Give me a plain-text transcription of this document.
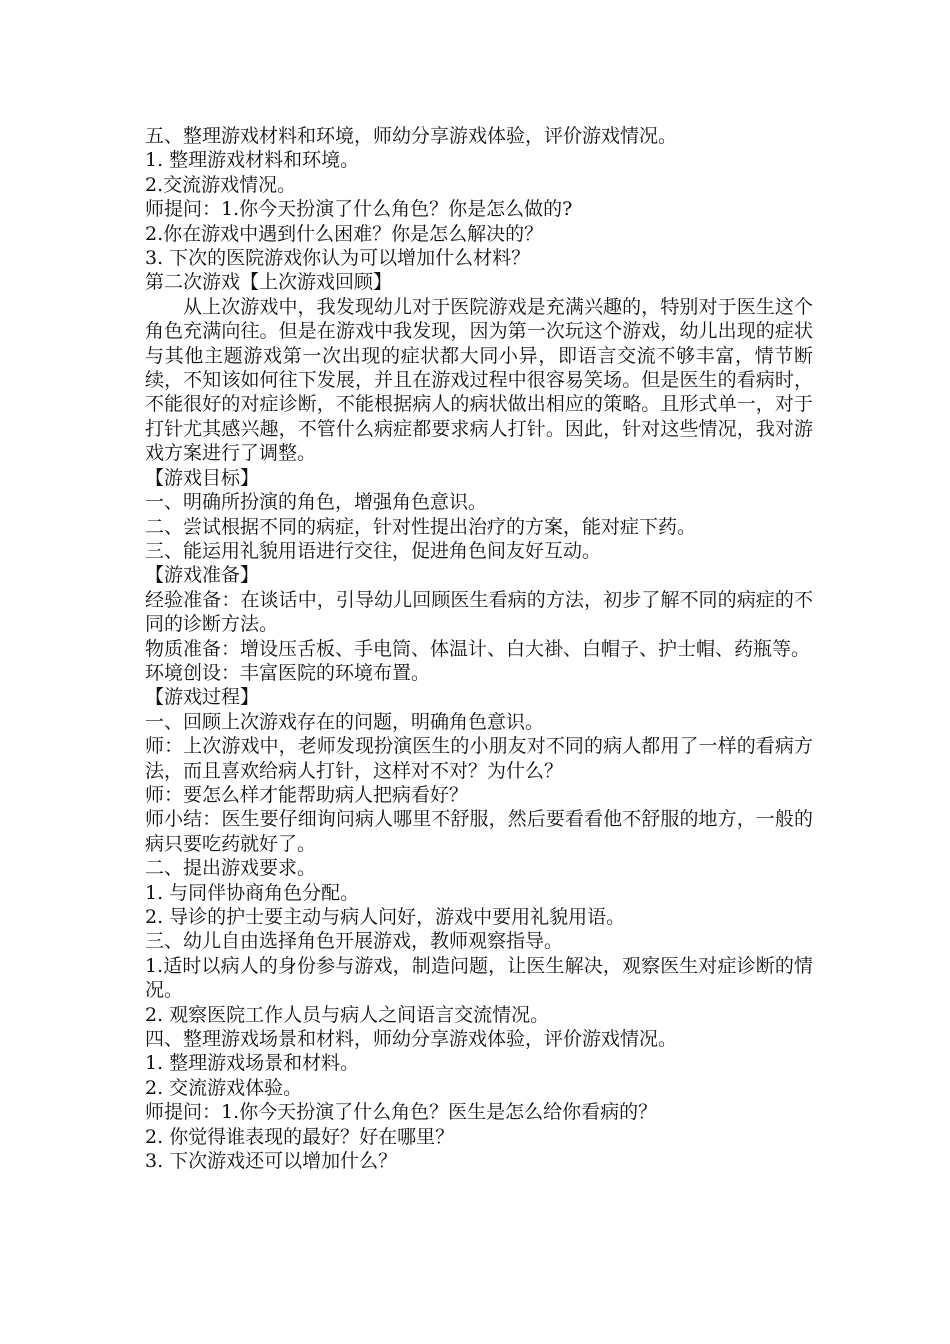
五、整理游戏材料和环境，师幼分享游戏体验，评价游戏情况。

1. 整理游戏材料和环境。

2.交流游戏情况。

师提问：1.你今天扮演了什么角色？你是怎么做的?

2.你在游戏中遇到什么困难？你是怎么解决的？

3. 下次的医院游戏你认为可以增加什么材料？

第二次游戏【上次游戏回顾】

从上次游戏中，我发现幼儿对于医院游戏是充满兴趣的，特别对于医生这个角色充满向往。但是在游戏中我发现，因为第一次玩这个游戏，幼儿出现的症状与其他主题游戏第一次出现的症状都大同小异，即语言交流不够丰富，情节断续，不知该如何往下发展，并且在游戏过程中很容易笑场。但是医生的看病时，不能很好的对症诊断，不能根据病人的病状做出相应的策略。且形式单一，对于打针尤其感兴趣，不管什么病症都要求病人打针。因此，针对这些情况，我对游戏方案进行了调整。

【游戏目标】

一、明确所扮演的角色，增强角色意识。

二、尝试根据不同的病症，针对性提出治疗的方案，能对症下药。

三、能运用礼貌用语进行交往，促进角色间友好互动。

【游戏准备】

经验准备：在谈话中，引导幼儿回顾医生看病的方法，初步了解不同的病症的不同的诊断方法。

物质准备：增设压舌板、手电筒、体温计、白大褂、白帽子、护士帽、药瓶等。

环境创设：丰富医院的环境布置。

【游戏过程】

一、回顾上次游戏存在的问题，明确角色意识。

师：上次游戏中，老师发现扮演医生的小朋友对不同的病人都用了一样的看病方法，而且喜欢给病人打针，这样对不对？为什么？

师：要怎么样才能帮助病人把病看好？

师小结：医生要仔细询问病人哪里不舒服，然后要看看他不舒服的地方，一般的病只要吃药就好了。

二、提出游戏要求。

1. 与同伴协商角色分配。

2. 导诊的护士要主动与病人问好，游戏中要用礼貌用语。

三、幼儿自由选择角色开展游戏，教师观察指导。

1.适时以病人的身份参与游戏，制造问题，让医生解决，观察医生对症诊断的情况。

2. 观察医院工作人员与病人之间语言交流情况。

四、整理游戏场景和材料，师幼分享游戏体验，评价游戏情况。

1. 整理游戏场景和材料。

2. 交流游戏体验。

师提问：1.你今天扮演了什么角色？医生是怎么给你看病的？

2. 你觉得谁表现的最好？好在哪里？

3. 下次游戏还可以增加什么？
